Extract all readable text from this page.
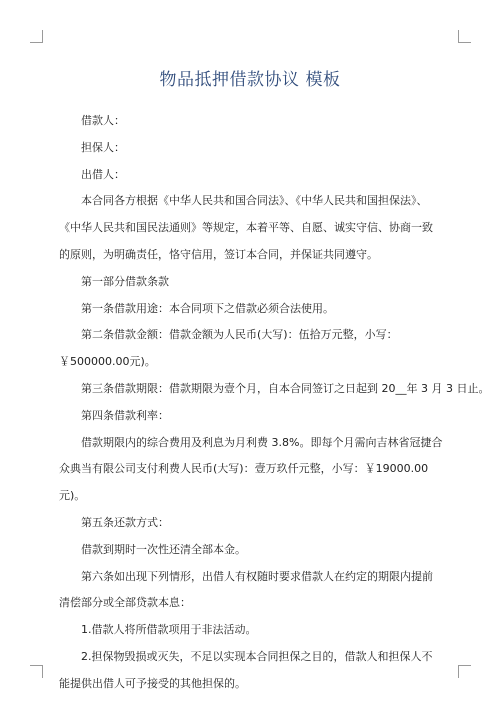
物品抵押借款协议 模板

借款人：

担保人：

出借人：

本合同各方根据《中华人民共和国合同法》、《中华人民共和国担保法》、《中华人民共和国民法通则》等规定，本着平等、自愿、诚实守信、协商一致的原则，为明确责任，恪守信用，签订本合同，并保证共同遵守。

第一部分借款条款

第一条借款用途：本合同项下之借款必须合法使用。

第二条借款金额：借款金额为人民币(大写)：伍拾万元整，小写：￥500000.00元)。

第三条借款期限：借款期限为壹个月，自本合同签订之日起到 20__年 3 月 3 日止。

第四条借款利率：

借款期限内的综合费用及利息为月利费 3.8%。即每个月需向吉林省冠捷合众典当有限公司支付利费人民币(大写)：壹万玖仟元整，小写：￥19000.00 元)。

第五条还款方式：

借款到期时一次性还清全部本金。

第六条如出现下列情形，出借人有权随时要求借款人在约定的期限内提前清偿部分或全部贷款本息：

1.借款人将所借款项用于非法活动。

2.担保物毁损或灭失，不足以实现本合同担保之目的，借款人和担保人不能提供出借人可予接受的其他担保的。
